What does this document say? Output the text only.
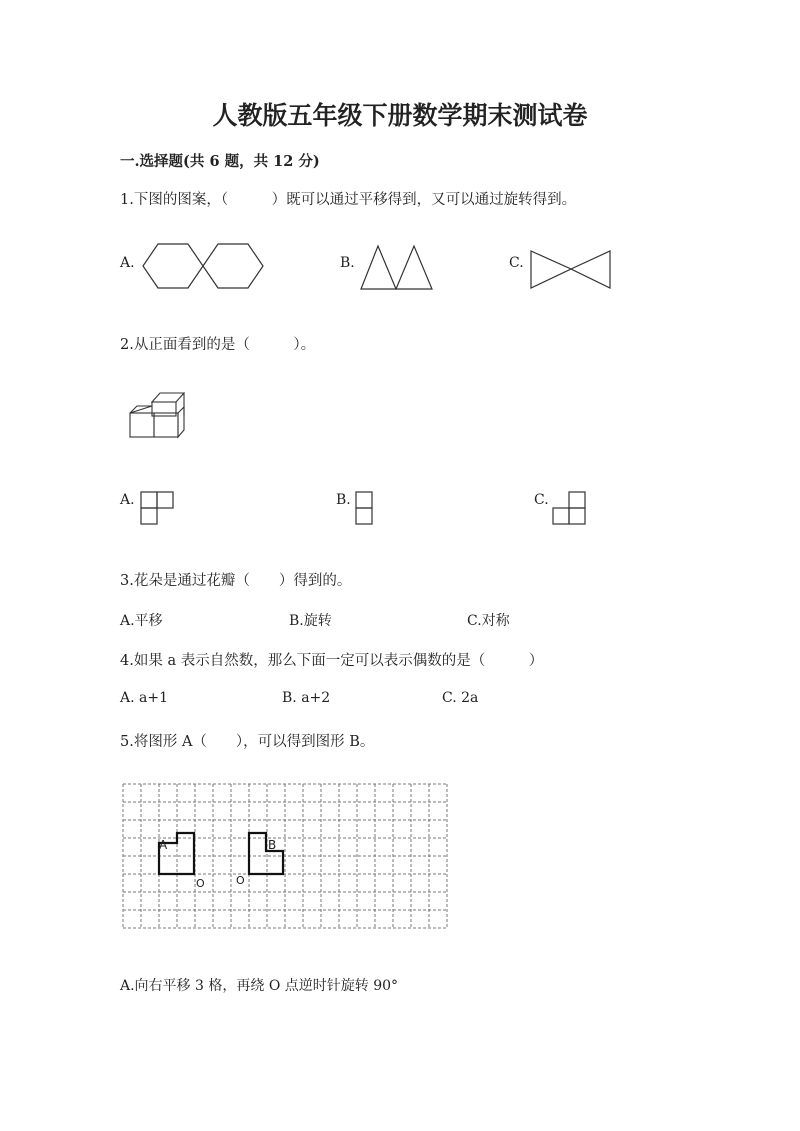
人教版五年级下册数学期末测试卷
一.选择题(共 6 题，共 12 分)
1.下图的图案，（　　　）既可以通过平移得到，又可以通过旋转得到。
A.	B.	C.
2.从正面看到的是（　　　）。
A.	B.	C.
3.花朵是通过花瓣（　　）得到的。
A.平移	B.旋转	C.对称
4.如果 a 表示自然数，那么下面一定可以表示偶数的是（　　　）
A. a+1	B. a+2	C. 2a
5.将图形 A（　　），可以得到图形 B。
A	B
O	O
A.向右平移 3 格，再绕 O 点逆时针旋转 90°
